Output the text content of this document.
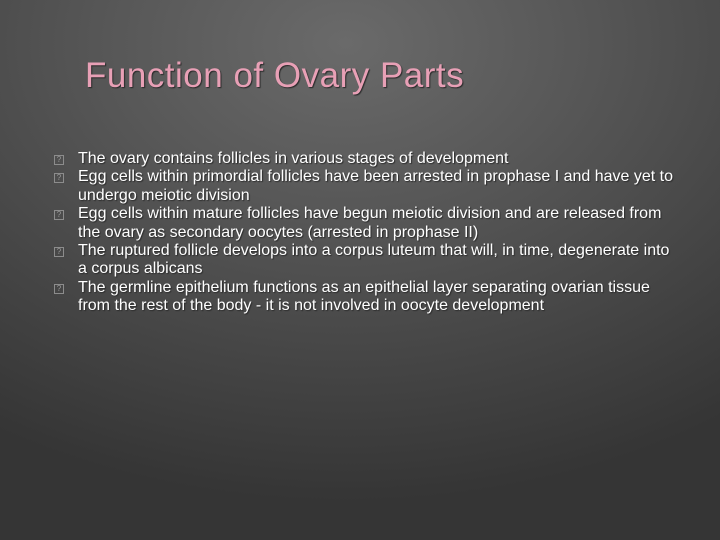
Function of Ovary Parts
? The ovary contains follicles in various stages of development
? Egg cells within primordial follicles have been arrested in prophase I and have yet to undergo meiotic division
? Egg cells within mature follicles have begun meiotic division and are released from the ovary as secondary oocytes (arrested in prophase II)
? The ruptured follicle develops into a corpus luteum that will, in time, degenerate into a corpus albicans
? The germline epithelium functions as an epithelial layer separating ovarian tissue from the rest of the body - it is not involved in oocyte development
